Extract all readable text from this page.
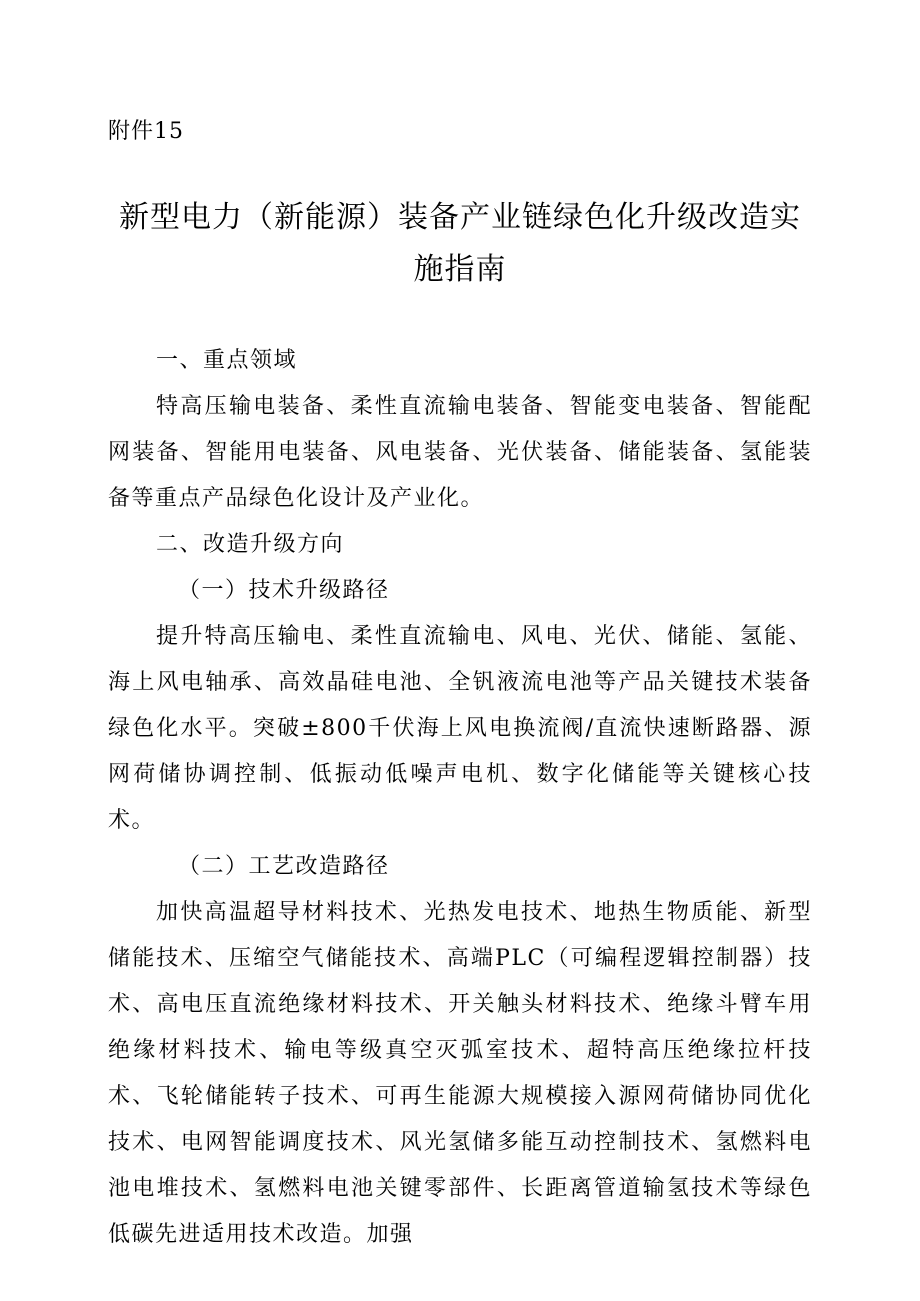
附件15
新型电力（新能源）装备产业链绿色化升级改造实施指南

一、重点领域

特高压输电装备、柔性直流输电装备、智能变电装备、智能配网装备、智能用电装备、风电装备、光伏装备、储能装备、氢能装备等重点产品绿色化设计及产业化。

二、改造升级方向

（一）技术升级路径

提升特高压输电、柔性直流输电、风电、光伏、储能、氢能、海上风电轴承、高效晶硅电池、全钒液流电池等产品关键技术装备绿色化水平。突破±800千伏海上风电换流阀/直流快速断路器、源网荷储协调控制、低振动低噪声电机、数字化储能等关键核心技术。

（二）工艺改造路径

加快高温超导材料技术、光热发电技术、地热生物质能、新型储能技术、压缩空气储能技术、高端PLC（可编程逻辑控制器）技术、高电压直流绝缘材料技术、开关触头材料技术、绝缘斗臂车用绝缘材料技术、输电等级真空灭弧室技术、超特高压绝缘拉杆技术、飞轮储能转子技术、可再生能源大规模接入源网荷储协同优化技术、电网智能调度技术、风光氢储多能互动控制技术、氢燃料电池电堆技术、氢燃料电池关键零部件、长距离管道输氢技术等绿色低碳先进适用技术改造。加强
